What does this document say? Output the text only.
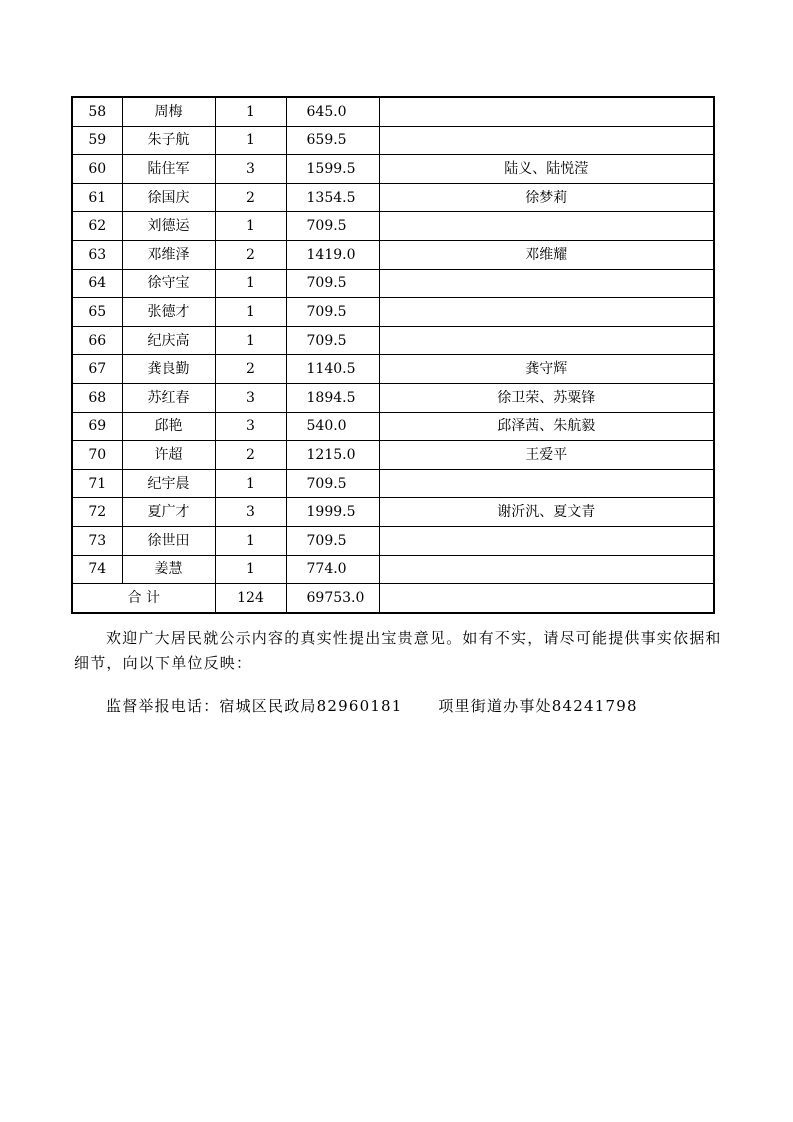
58	周梅	1	645.0	
59	朱子航	1	659.5	
60	陆住军	3	1599.5	陆义、陆悦滢
61	徐国庆	2	1354.5	徐梦莉
62	刘德运	1	709.5	
63	邓维泽	2	1419.0	邓维耀
64	徐守宝	1	709.5	
65	张德才	1	709.5	
66	纪庆高	1	709.5	
67	龚良勤	2	1140.5	龚守辉
68	苏红春	3	1894.5	徐卫荣、苏粟锋
69	邱艳	3	540.0	邱泽茜、朱航毅
70	许超	2	1215.0	王爱平
71	纪宇晨	1	709.5	
72	夏广才	3	1999.5	谢沂汎、夏文青
73	徐世田	1	709.5	
74	姜慧	1	774.0	
合 计		124	69753.0	

欢迎广大居民就公示内容的真实性提出宝贵意见。如有不实，请尽可能提供事实依据和细节，向以下单位反映：

监督举报电话：宿城区民政局82960181      项里街道办事处84241798
